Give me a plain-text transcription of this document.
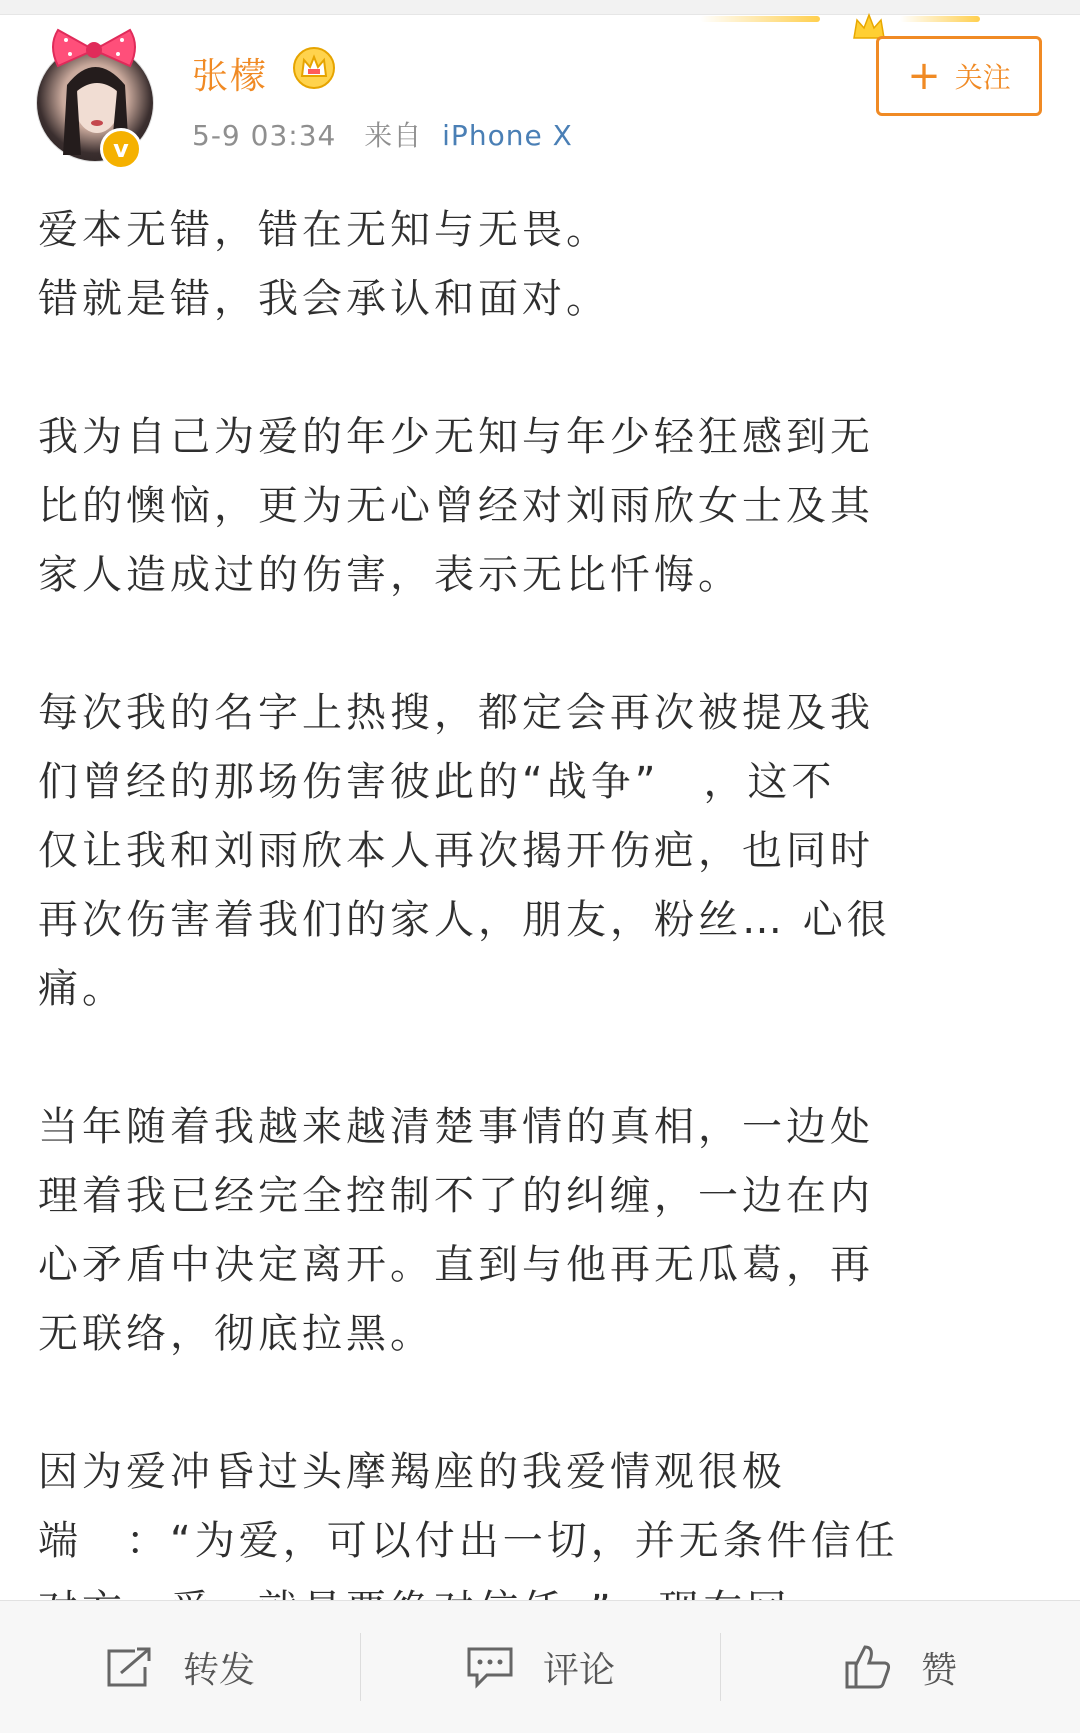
v
张檬
5-9 03:34 来自 iPhone X
+ 关注

爱本无错，错在无知与无畏。
错就是错，我会承认和面对。

我为自己为爱的年少无知与年少轻狂感到无
比的懊恼，更为无心曾经对刘雨欣女士及其
家人造成过的伤害，表示无比忏悔。

每次我的名字上热搜，都定会再次被提及我
们曾经的那场伤害彼此的“战争”　，这不
仅让我和刘雨欣本人再次揭开伤疤，也同时
再次伤害着我们的家人，朋友，粉丝… 心很
痛。

当年随着我越来越清楚事情的真相，一边处
理着我已经完全控制不了的纠缠，一边在内
心矛盾中决定离开。直到与他再无瓜葛，再
无联络，彻底拉黑。

因为爱冲昏过头摩羯座的我爱情观很极
端　：“为爱，可以付出一切，并无条件信任

转发	评论	赞
